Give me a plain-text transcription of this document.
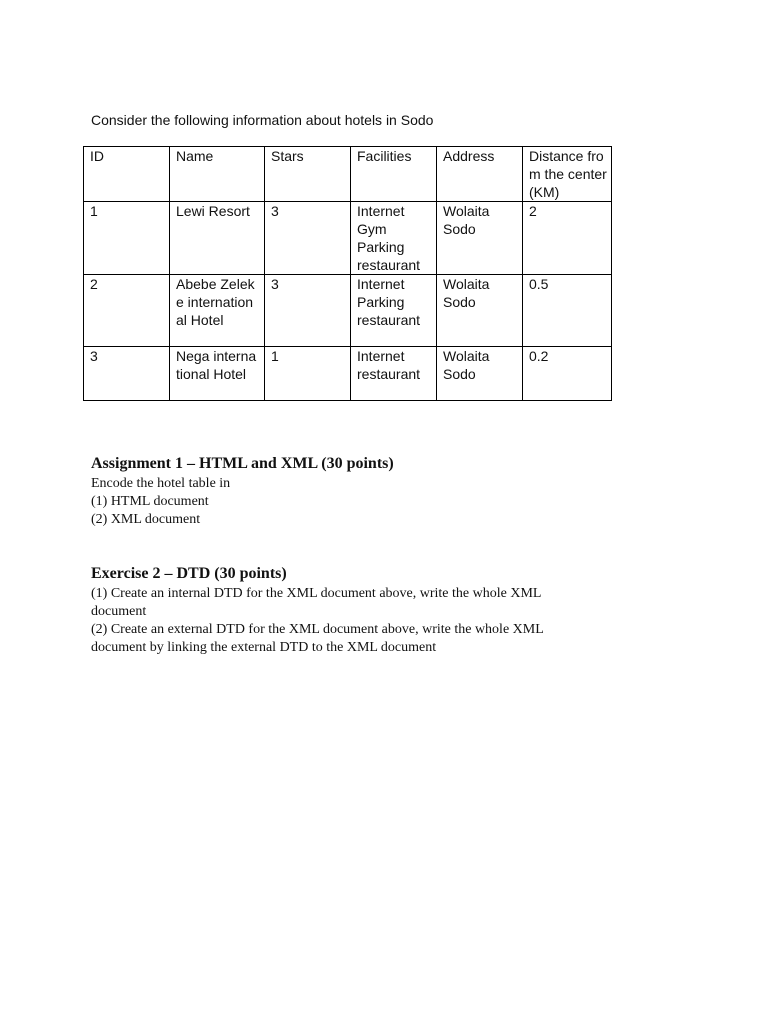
Consider the following information about hotels in Sodo
ID	Name	Stars	Facilities	Address	Distance from the center(KM)
1	Lewi Resort	3	Internet
Gym
Parking
restaurant	Wolaita
Sodo	2
2	Abebe Zeleke international Hotel	3	Internet
Parking
restaurant	Wolaita
Sodo	0.5
3	Nega international Hotel	1	Internet
restaurant	Wolaita
Sodo	0.2
Assignment 1 – HTML and XML (30 points)
Encode the hotel table in
(1) HTML document
(2) XML document
Exercise 2 – DTD (30 points)
(1) Create an internal DTD for the XML document above, write the whole XML document
(2) Create an external DTD for the XML document above, write the whole XML document by linking the external DTD to the XML document
